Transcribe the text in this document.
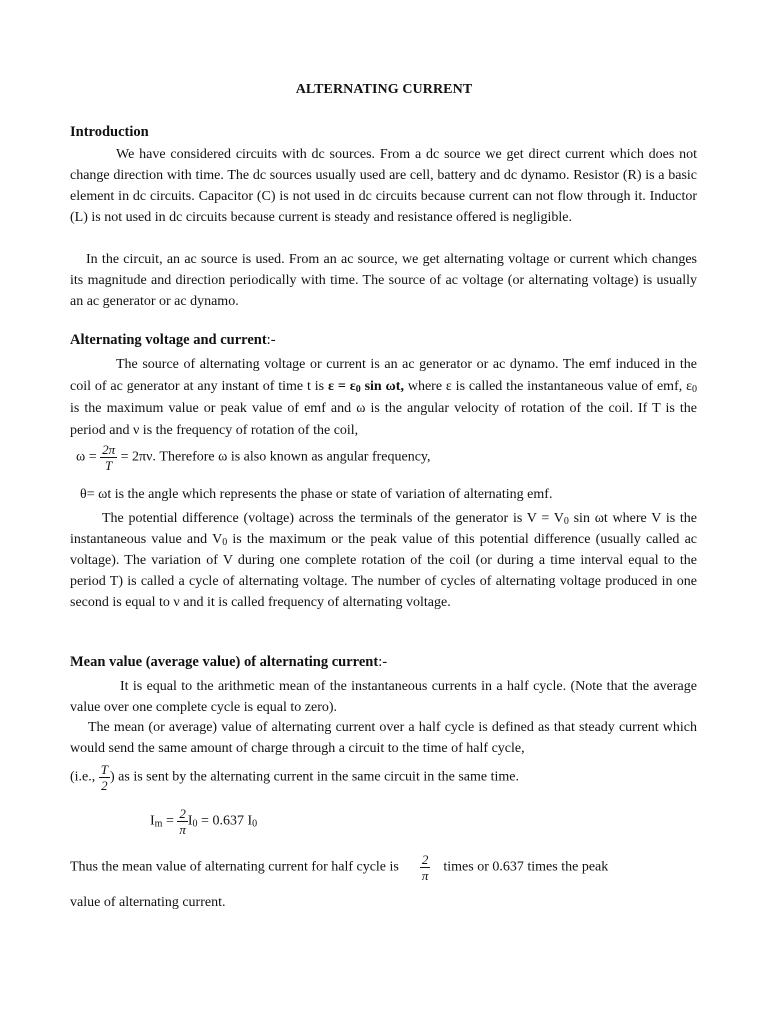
ALTERNATING CURRENT
Introduction

We have considered circuits with dc sources. From a dc source we get direct current which does not change direction with time. The dc sources usually used are cell, battery and dc dynamo. Resistor (R) is a basic element in dc circuits. Capacitor (C) is not used in dc circuits because current can not flow through it. Inductor (L) is not used in dc circuits because current is steady and resistance offered is negligible.

In the circuit, an ac source is used. From an ac source, we get alternating voltage or current which changes its magnitude and direction periodically with time. The source of ac voltage (or alternating voltage) is usually an ac generator or ac dynamo.

Alternating voltage and current:-

The source of alternating voltage or current is an ac generator or ac dynamo. The emf induced in the coil of ac generator at any instant of time t is $\varepsilon = \varepsilon_0$ sin ωt, where ε is called the instantaneous value of emf, $\varepsilon_0$ is the maximum value or peak value of emf and ω is the angular velocity of rotation of the coil. If T is the period and ν is the frequency of rotation of the coil,

$\omega = \frac{2\pi}{T} = 2\pi\nu$. Therefore ω is also known as angular frequency,
θ= ωt is the angle which represents the phase or state of variation of alternating emf.

The potential difference (voltage) across the terminals of the generator is $V = V_0$ sin ωt where V is the instantaneous value and $V_0$ is the maximum or the peak value of this potential difference (usually called ac voltage). The variation of V during one complete rotation of the coil (or during a time interval equal to the period T) is called a cycle of alternating voltage. The number of cycles of alternating voltage produced in one second is equal to ν and it is called frequency of alternating voltage.

Mean value (average value) of alternating current:-

It is equal to the arithmetic mean of the instantaneous currents in a half cycle. (Note that the average value over one complete cycle is equal to zero).

The mean (or average) value of alternating current over a half cycle is defined as that steady current which would send the same amount of charge through a circuit to the time of half cycle,

(i.e., $\frac{T}{2}$ ) as is sent by the alternating current in the same circuit in the same time.
$I_m = \frac{2}{\pi} I_0 = 0.637$ $I_0$
Thus the mean value of alternating current for half cycle is $\frac{2}{\pi}$ times or 0.637 times the peak
value of alternating current.
